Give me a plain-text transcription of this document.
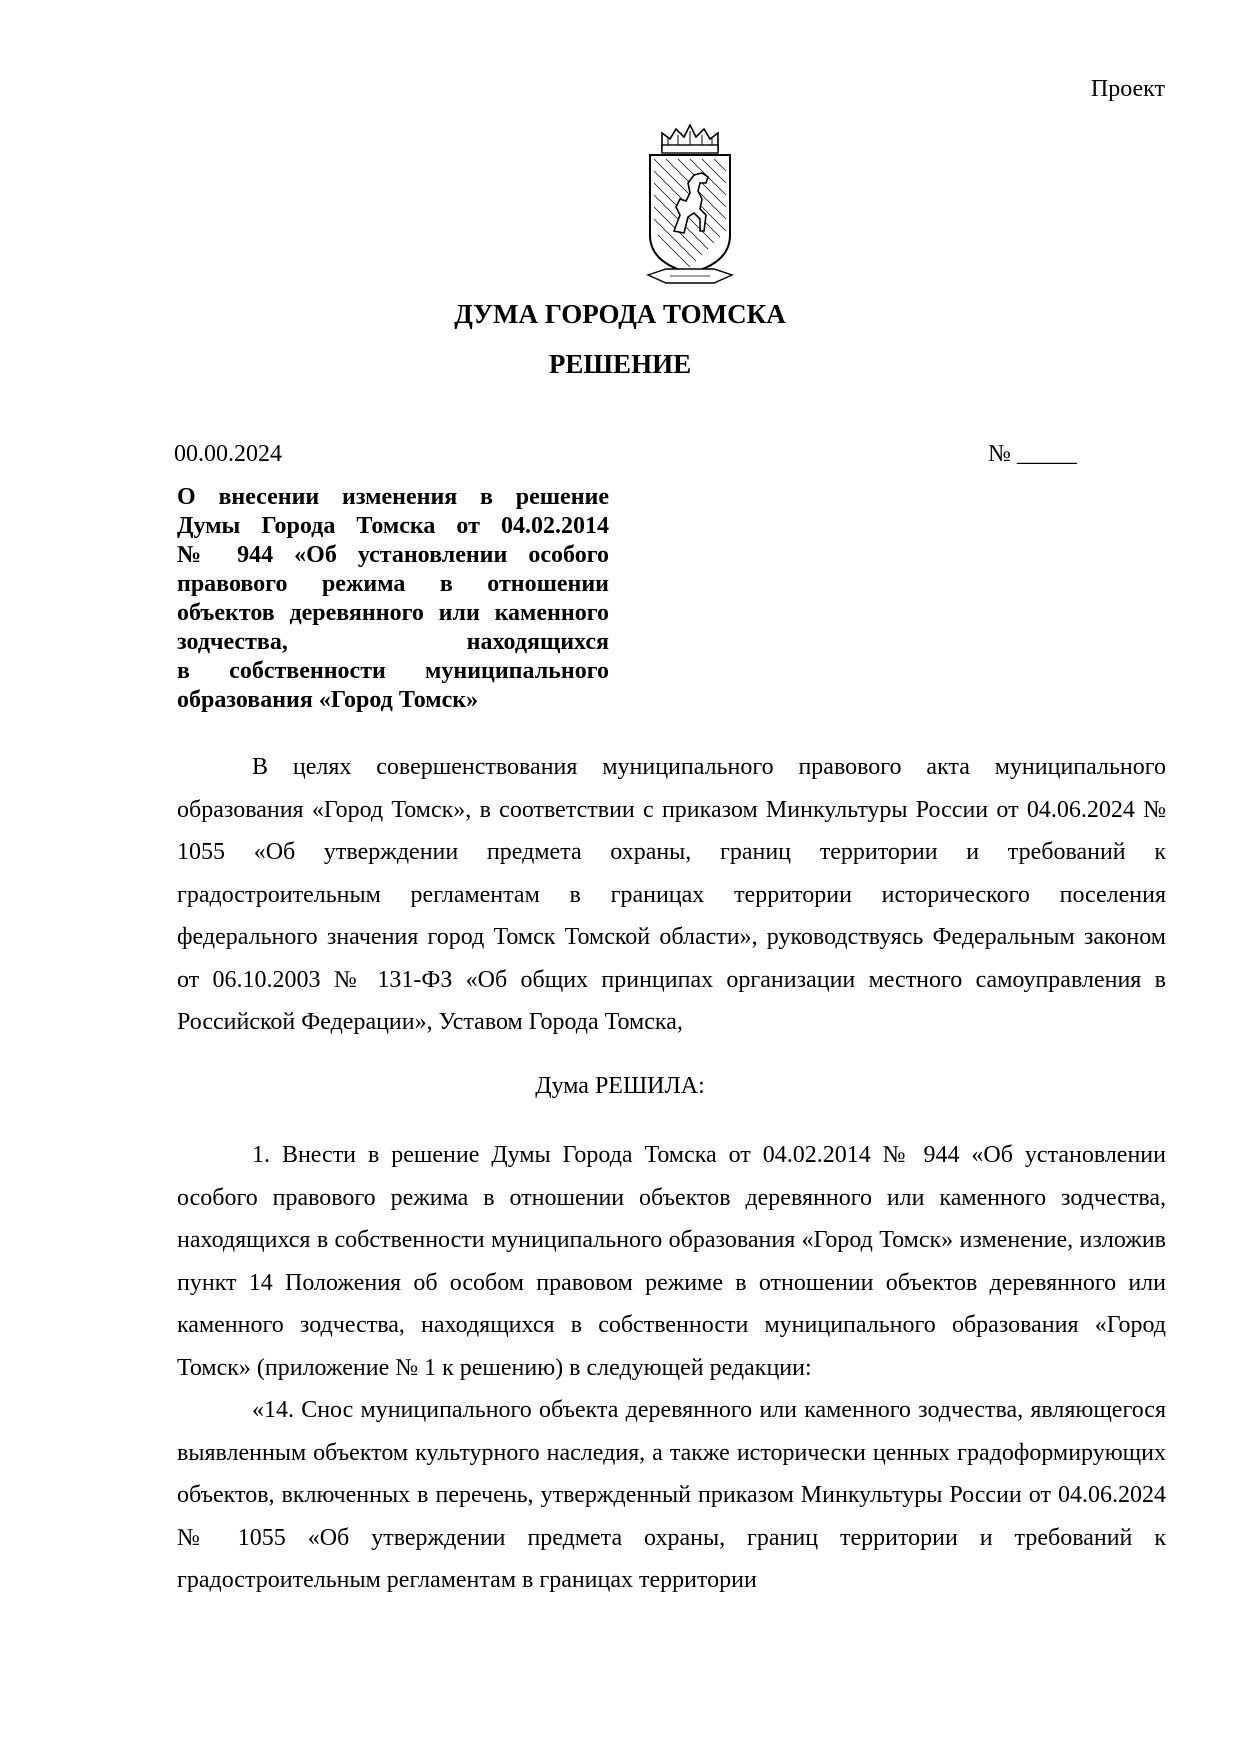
Проект
ДУМА ГОРОДА ТОМСКА
РЕШЕНИЕ
00.00.2024	№ _____
О внесении изменения в решение
Думы Города Томска от 04.02.2014
№ 944 «Об установлении особого
правового режима в отношении
объектов деревянного или каменного
зодчества, находящихся
в собственности муниципального
образования «Город Томск»

В целях совершенствования муниципального правового акта муниципального образования «Город Томск», в соответствии с приказом Минкультуры России от 04.06.2024 № 1055 «Об утверждении предмета охраны, границ территории и требований к градостроительным регламентам в границах территории исторического поселения федерального значения город Томск Томской области», руководствуясь Федеральным законом от 06.10.2003 № 131-ФЗ «Об общих принципах организации местного самоуправления в Российской Федерации», Уставом Города Томска,

Дума РЕШИЛА:

1. Внести в решение Думы Города Томска от 04.02.2014 № 944 «Об установлении особого правового режима в отношении объектов деревянного или каменного зодчества, находящихся в собственности муниципального образования «Город Томск» изменение, изложив пункт 14 Положения об особом правовом режиме в отношении объектов деревянного или каменного зодчества, находящихся в собственности муниципального образования «Город Томск» (приложение № 1 к решению) в следующей редакции:

«14. Снос муниципального объекта деревянного или каменного зодчества, являющегося выявленным объектом культурного наследия, а также исторически ценных градоформирующих объектов, включенных в перечень, утвержденный приказом Минкультуры России от 04.06.2024 № 1055 «Об утверждении предмета охраны, границ территории и требований к градостроительным регламентам в границах территории
